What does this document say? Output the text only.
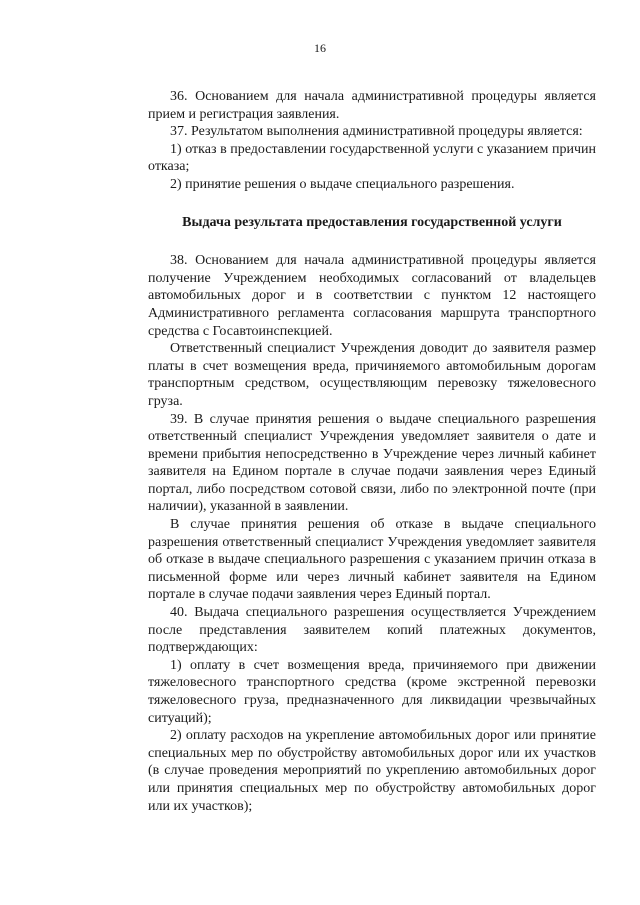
16

36. Основанием для начала административной процедуры является прием и регистрация заявления.

37. Результатом выполнения административной процедуры является:

1) отказ в предоставлении государственной услуги с указанием причин отказа;

2) принятие решения о выдаче специального разрешения.

Выдача результата предоставления государственной услуги

38. Основанием для начала административной процедуры является получение Учреждением необходимых согласований от владельцев автомобильных дорог и в соответствии с пунктом 12 настоящего Административного регламента согласования маршрута транспортного средства с Госавтоинспекцией.

Ответственный специалист Учреждения доводит до заявителя размер платы в счет возмещения вреда, причиняемого автомобильным дорогам транспортным средством, осуществляющим перевозку тяжеловесного груза.

39. В случае принятия решения о выдаче специального разрешения ответственный специалист Учреждения уведомляет заявителя о дате и времени прибытия непосредственно в Учреждение через личный кабинет заявителя на Едином портале в случае подачи заявления через Единый портал, либо посредством сотовой связи, либо по электронной почте (при наличии), указанной в заявлении.

В случае принятия решения об отказе в выдаче специального разрешения ответственный специалист Учреждения уведомляет заявителя об отказе в выдаче специального разрешения с указанием причин отказа в письменной форме или через личный кабинет заявителя на Едином портале в случае подачи заявления через Единый портал.

40. Выдача специального разрешения осуществляется Учреждением после представления заявителем копий платежных документов, подтверждающих:

1) оплату в счет возмещения вреда, причиняемого при движении тяжеловесного транспортного средства (кроме экстренной перевозки тяжеловесного груза, предназначенного для ликвидации чрезвычайных ситуаций);

2) оплату расходов на укрепление автомобильных дорог или принятие специальных мер по обустройству автомобильных дорог или их участков (в случае проведения мероприятий по укреплению автомобильных дорог или принятия специальных мер по обустройству автомобильных дорог или их участков);
